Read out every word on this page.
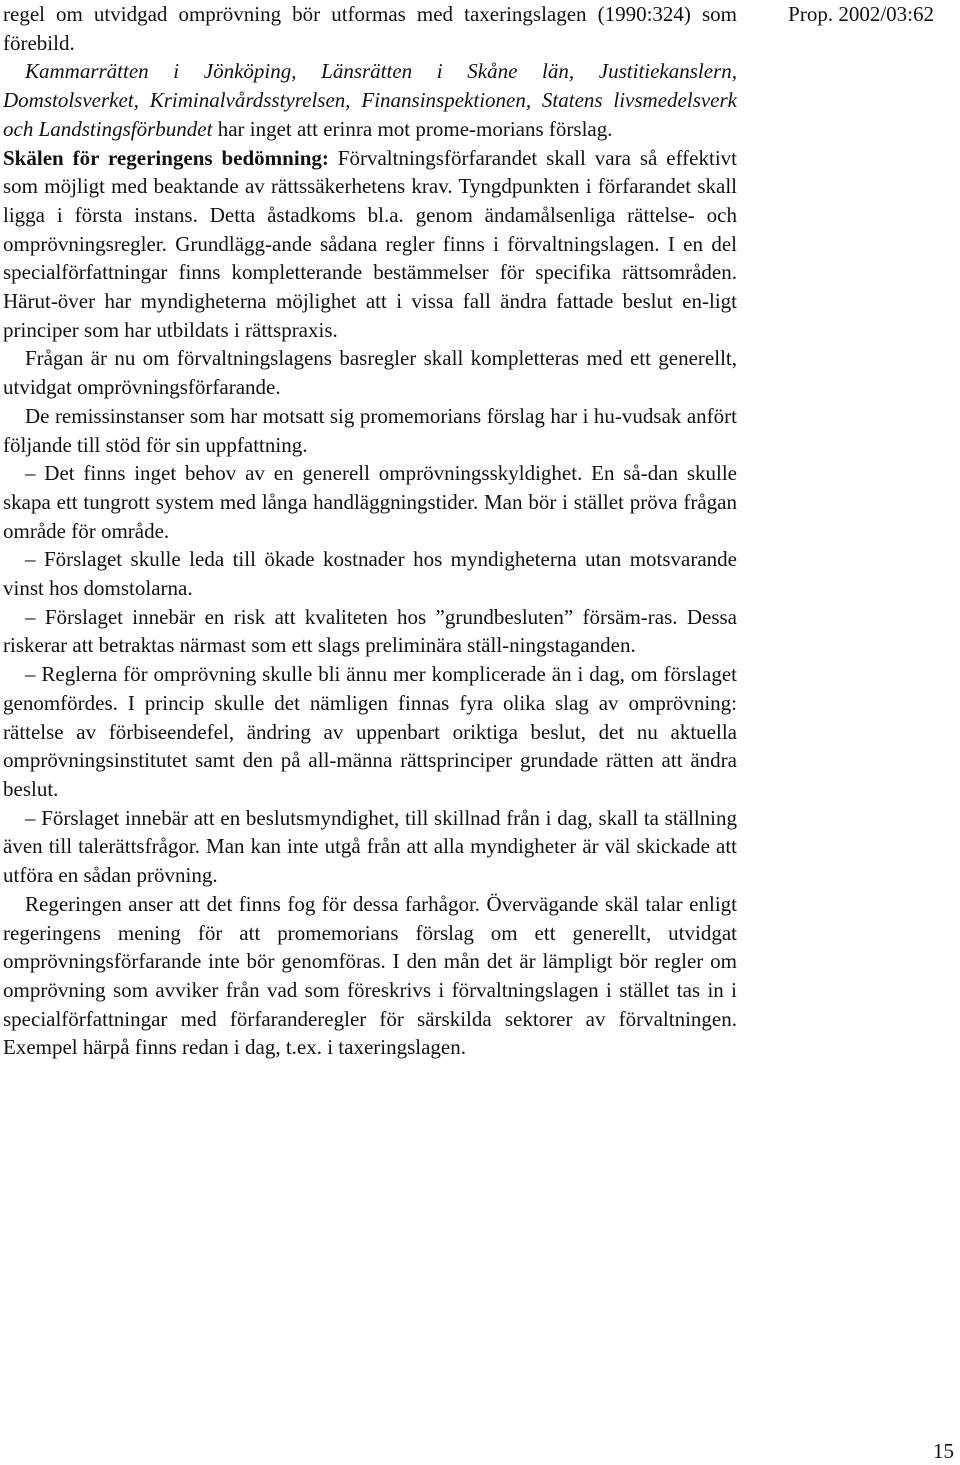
Prop. 2002/03:62

regel om utvidgad omprövning bör utformas med taxeringslagen (1990:324) som förebild.

Kammarrätten i Jönköping, Länsrätten i Skåne län, Justitiekanslern, Domstolsverket, Kriminalvårdsstyrelsen, Finansinspektionen, Statens livsmedelsverk och Landstingsförbundet har inget att erinra mot prome-morians förslag.

Skälen för regeringens bedömning: Förvaltningsförfarandet skall vara så effektivt som möjligt med beaktande av rättssäkerhetens krav. Tyngdpunkten i förfarandet skall ligga i första instans. Detta åstadkoms bl.a. genom ändamålsenliga rättelse- och omprövningsregler. Grundlägg-ande sådana regler finns i förvaltningslagen. I en del specialförfattningar finns kompletterande bestämmelser för specifika rättsområden. Härut-över har myndigheterna möjlighet att i vissa fall ändra fattade beslut en-ligt principer som har utbildats i rättspraxis.

Frågan är nu om förvaltningslagens basregler skall kompletteras med ett generellt, utvidgat omprövningsförfarande.

De remissinstanser som har motsatt sig promemorians förslag har i hu-vudsak anfört följande till stöd för sin uppfattning.

– Det finns inget behov av en generell omprövningsskyldighet. En så-dan skulle skapa ett tungrott system med långa handläggningstider. Man bör i stället pröva frågan område för område.

– Förslaget skulle leda till ökade kostnader hos myndigheterna utan motsvarande vinst hos domstolarna.

– Förslaget innebär en risk att kvaliteten hos ”grundbesluten” försäm-ras. Dessa riskerar att betraktas närmast som ett slags preliminära ställ-ningstaganden.

– Reglerna för omprövning skulle bli ännu mer komplicerade än i dag, om förslaget genomfördes. I princip skulle det nämligen finnas fyra olika slag av omprövning: rättelse av förbiseendefel, ändring av uppenbart oriktiga beslut, det nu aktuella omprövningsinstitutet samt den på all-männa rättsprinciper grundade rätten att ändra beslut.

– Förslaget innebär att en beslutsmyndighet, till skillnad från i dag, skall ta ställning även till talerättsfrågor. Man kan inte utgå från att alla myndigheter är väl skickade att utföra en sådan prövning.

Regeringen anser att det finns fog för dessa farhågor. Övervägande skäl talar enligt regeringens mening för att promemorians förslag om ett generellt, utvidgat omprövningsförfarande inte bör genomföras. I den mån det är lämpligt bör regler om omprövning som avviker från vad som föreskrivs i förvaltningslagen i stället tas in i specialförfattningar med förfaranderegler för särskilda sektorer av förvaltningen. Exempel härpå finns redan i dag, t.ex. i taxeringslagen.

15
